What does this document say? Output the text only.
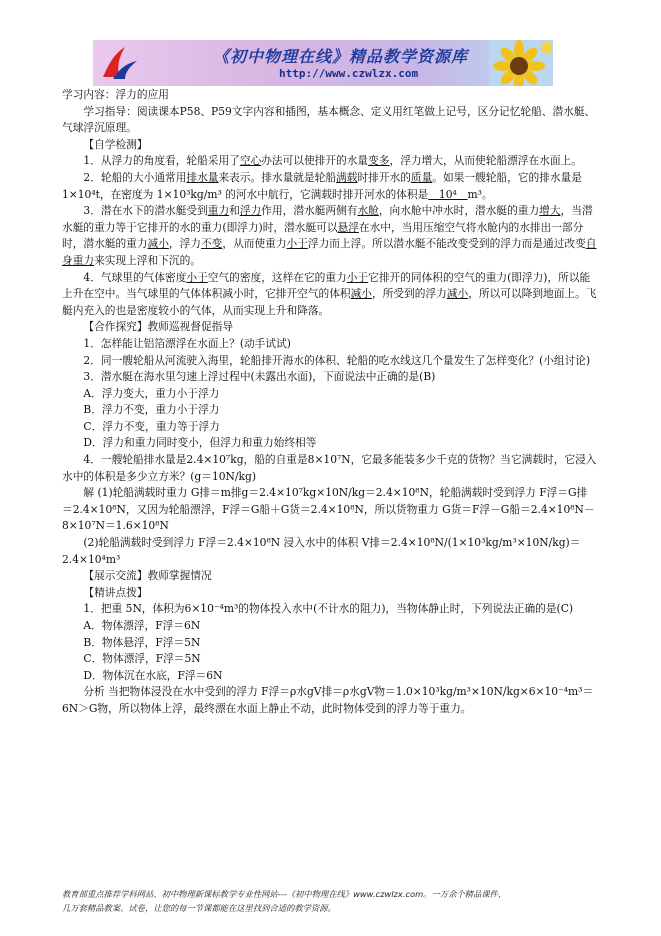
《初中物理在线》精品教学资源库
http://www.czwlzx.com

学习内容：浮力的应用

学习指导：阅读课本P58、P59文字内容和插图，基本概念、定义用红笔做上记号，区分记忆轮船、潜水艇、气球浮沉原理。

【自学检测】

1．从浮力的角度看，轮船采用了空心办法可以使排开的水量变多，浮力增大，从而使轮船漂浮在水面上。

2．轮船的大小通常用排水量来表示。排水量就是轮船满载时排开水的质量。如果一艘轮船，它的排水量是 1×10⁴t，在密度为 1×10³kg/m³ 的河水中航行，它满载时排开河水的体积是　10⁴　m³。

3．潜在水下的潜水艇受到重力和浮力作用，潜水艇两侧有水舱，向水舱中冲水时，潜水艇的重力增大，当潜水艇的重力等于它排开的水的重力(即浮力)时，潜水艇可以悬浮在水中，当用压缩空气将水舱内的水排出一部分时，潜水艇的重力减小，浮力不变，从而使重力小于浮力而上浮。所以潜水艇不能改变受到的浮力而是通过改变自身重力来实现上浮和下沉的。

4．气球里的气体密度小于空气的密度，这样在它的重力小于它排开的同体积的空气的重力(即浮力)，所以能上升在空中。当气球里的气体体积减小时，它排开空气的体积减小，所受到的浮力减小，所以可以降到地面上。飞艇内充入的也是密度较小的气体，从而实现上升和降落。

【合作探究】教师巡视督促指导

1．怎样能让铝箔漂浮在水面上？(动手试试)

2．同一艘轮船从河流驶入海里，轮船排开海水的体积、轮船的吃水线这几个量发生了怎样变化？(小组讨论)

3．潜水艇在海水里匀速上浮过程中(未露出水面)，下面说法中正确的是(B)

A．浮力变大，重力小于浮力

B．浮力不变，重力小于浮力

C．浮力不变，重力等于浮力

D．浮力和重力同时变小，但浮力和重力始终相等

4．一艘轮船排水量是2.4×10⁷kg，船的自重是8×10⁷N，它最多能装多少千克的货物？当它满载时，它浸入水中的体积是多少立方米？(g＝10N/kg)

解 (1)轮船满载时重力 G排＝m排g＝2.4×10⁷kg×10N/kg＝2.4×10⁸N，轮船满载时受到浮力 F浮＝G排＝2.4×10⁸N，又因为轮船漂浮，F浮＝G船＋G货＝2.4×10⁸N，所以货物重力 G货＝F浮－G船＝2.4×10⁸N－8×10⁷N＝1.6×10⁸N

(2)轮船满载时受到浮力 F浮＝2.4×10⁸N 浸入水中的体积 V排＝2.4×10⁸N/(1×10³kg/m³×10N/kg)＝2.4×10⁴m³

【展示交流】教师掌握情况

【精讲点拨】

1．把重 5N，体积为6×10⁻⁴m³的物体投入水中(不计水的阻力)，当物体静止时，下列说法正确的是(C)

A．物体漂浮，F浮＝6N

B．物体悬浮，F浮＝5N

C．物体漂浮，F浮＝5N

D．物体沉在水底，F浮＝6N

分析 当把物体浸没在水中受到的浮力 F浮＝ρ水gV排＝ρ水gV物＝1.0×10³kg/m³×10N/kg×6×10⁻⁴m³＝6N＞G物，所以物体上浮，最终漂在水面上静止不动，此时物体受到的浮力等于重力。

教育部重点推荐学科网站、初中物理新课标教学专业性网站---《初中物理在线》www.czwlzx.com。一万余个精品课件、
几万套精品教案、试卷，让您的每一节课都能在这里找到合适的教学资源。
